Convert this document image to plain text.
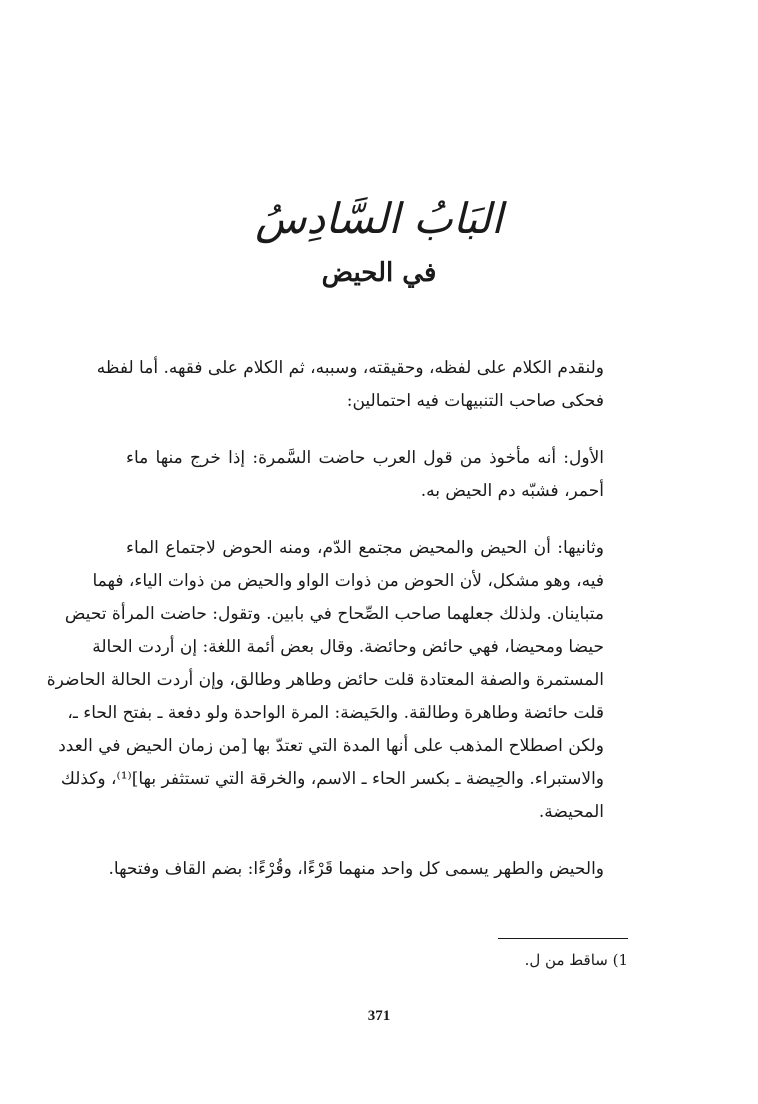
البَابُ السَّادِسُ
في الحيض

ولنقدم الكلام على لفظه، وحقيقته، وسببه، ثم الكلام على فقهه. أما لفظه
فحكى صاحب التنبيهات فيه احتمالين:

الأول: أنه مأخوذ من قول العرب حاضت السَّمرة: إذا خرج منها ماء
أحمر، فشبّه دم الحيض به.

وثانيها: أن الحيض والمحيض مجتمع الدّم، ومنه الحوض لاجتماع الماء
فيه، وهو مشكل، لأن الحوض من ذوات الواو والحيض من ذوات الياء، فهما
متباينان. ولذلك جعلهما صاحب الصِّحاح في بابين. وتقول: حاضت المرأة تحيض
حيضا ومحيضا، فهي حائض وحائضة. وقال بعض أئمة اللغة: إن أردت الحالة
المستمرة والصفة المعتادة قلت حائض وطاهر وطالق، وإن أردت الحالة الحاضرة
قلت حائضة وطاهرة وطالقة. والحَيضة: المرة الواحدة ولو دفعة ـ بفتح الحاء ـ،
ولكن اصطلاح المذهب على أنها المدة التي تعتدّ بها [من زمان الحيض في العدد
والاستبراء. والحِيضة ـ بكسر الحاء ـ الاسم، والخرقة التي تستثفر بها]⁽¹⁾، وكذلك
المحيضة.

والحيض والطهر يسمى كل واحد منهما قَرْءًا، وقُرْءًا: بضم القاف وفتحها.

1) ساقط من ل.
371
